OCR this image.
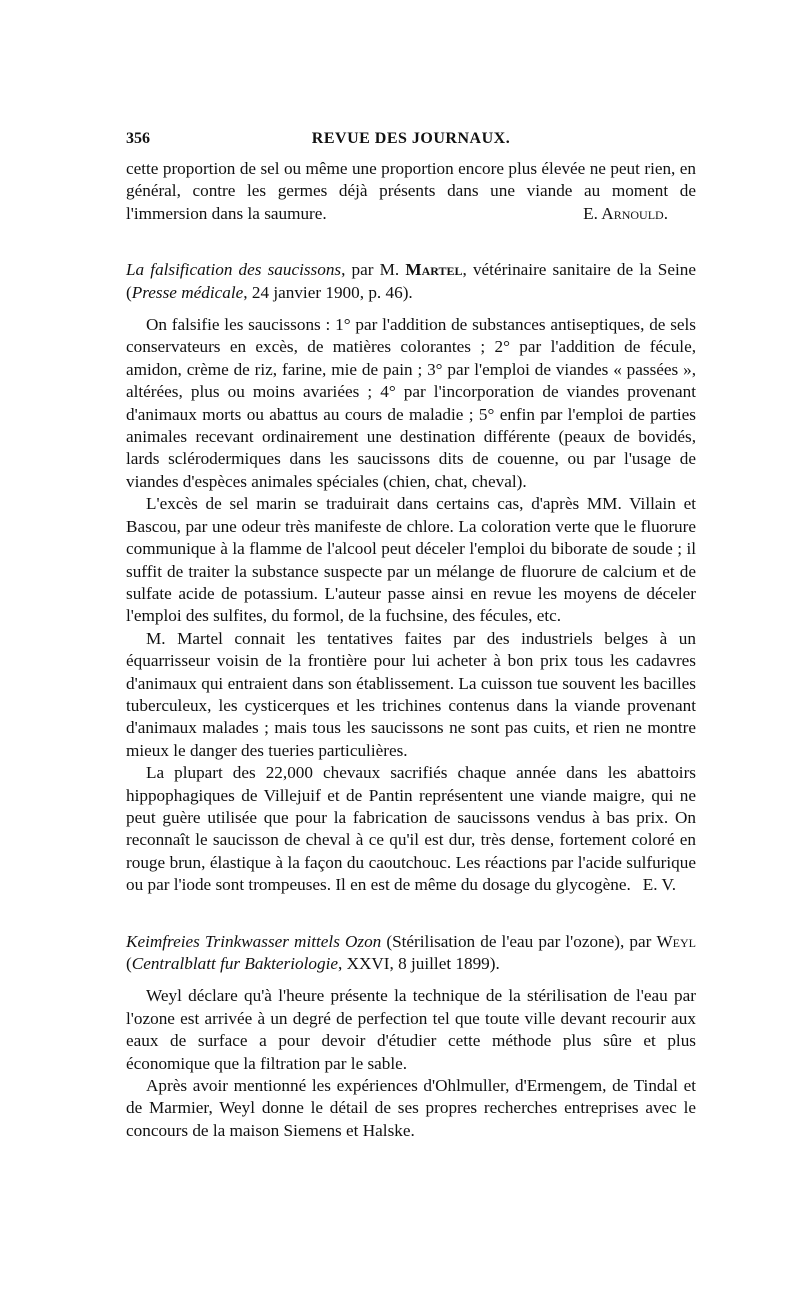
356	REVUE DES JOURNAUX.

cette proportion de sel ou même une proportion encore plus élevée ne peut rien, en général, contre les germes déjà présents dans une viande au moment de l'immersion dans la saumure.	E. Arnould.

La falsification des saucissons, par M. Martel, vétérinaire sanitaire de la Seine (Presse médicale, 24 janvier 1900, p. 46).

On falsifie les saucissons : 1° par l'addition de substances antiseptiques, de sels conservateurs en excès, de matières colorantes ; 2° par l'addition de fécule, amidon, crème de riz, farine, mie de pain ; 3° par l'emploi de viandes « passées », altérées, plus ou moins avariées ; 4° par l'incorporation de viandes provenant d'animaux morts ou abattus au cours de maladie ; 5° enfin par l'emploi de parties animales recevant ordinairement une destination différente (peaux de bovidés, lards sclérodermiques dans les saucissons dits de couenne, ou par l'usage de viandes d'espèces animales spéciales (chien, chat, cheval).

L'excès de sel marin se traduirait dans certains cas, d'après MM. Villain et Bascou, par une odeur très manifeste de chlore. La coloration verte que le fluorure communique à la flamme de l'alcool peut déceler l'emploi du biborate de soude ; il suffit de traiter la substance suspecte par un mélange de fluorure de calcium et de sulfate acide de potassium. L'auteur passe ainsi en revue les moyens de déceler l'emploi des sulfites, du formol, de la fuchsine, des fécules, etc.

M. Martel connait les tentatives faites par des industriels belges à un équarrisseur voisin de la frontière pour lui acheter à bon prix tous les cadavres d'animaux qui entraient dans son établissement. La cuisson tue souvent les bacilles tuberculeux, les cysticerques et les trichines contenus dans la viande provenant d'animaux malades ; mais tous les saucissons ne sont pas cuits, et rien ne montre mieux le danger des tueries particulières.

La plupart des 22,000 chevaux sacrifiés chaque année dans les abattoirs hippophagiques de Villejuif et de Pantin représentent une viande maigre, qui ne peut guère utilisée que pour la fabrication de saucissons vendus à bas prix. On reconnaît le saucisson de cheval à ce qu'il est dur, très dense, fortement coloré en rouge brun, élastique à la façon du caoutchouc. Les réactions par l'acide sulfurique ou par l'iode sont trompeuses. Il en est de même du dosage du glycogène. E. V.

Keimfreies Trinkwasser mittels Ozon (Stérilisation de l'eau par l'ozone), par Weyl (Centralblatt fur Bakteriologie, XXVI, 8 juillet 1899).

Weyl déclare qu'à l'heure présente la technique de la stérilisation de l'eau par l'ozone est arrivée à un degré de perfection tel que toute ville devant recourir aux eaux de surface a pour devoir d'étudier cette méthode plus sûre et plus économique que la filtration par le sable.

Après avoir mentionné les expériences d'Ohlmuller, d'Ermengem, de Tindal et de Marmier, Weyl donne le détail de ses propres recherches entreprises avec le concours de la maison Siemens et Halske.
